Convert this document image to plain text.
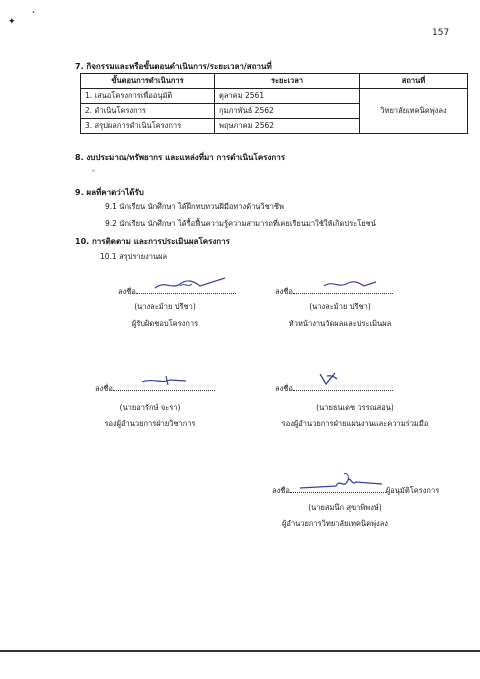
✦
•
157
7. กิจกรรมและหรือขั้นตอนดำเนินการ/ระยะเวลา/สถานที่
ขั้นตอนการดำเนินการ	ระยะเวลา	สถานที่
1. เสนอโครงการเพื่ออนุมัติ	ตุลาคม 2561	วิทยาลัยเทคนิคพุ่งลง
2. ดำเนินโครงการ	กุมภาพันธ์ 2562	
3. สรุปผลการดำเนินโครงการ	พฤษภาคม 2562	
8. งบประมาณ/ทรัพยากร และแหล่งที่มา การดำเนินโครงการ
-
9. ผลที่คาดว่าได้รับ
9.1 นักเรียน นักศึกษา ได้ฝึกทบทวนฝีมือทางด้านวิชาชีพ
9.2 นักเรียน นักศึกษา ได้รื้อฟื้นความรู้ความสามารถที่เคยเรียนมาใช้ให้เกิดประโยชน์
10. การติดตาม และการประเมินผลโครงการ
10.1 สรุปรายงานผล
ลงชื่อ
(นางละม้าย ปรีชา)
ผู้รับผิดชอบโครงการ
ลงชื่อ
(นางละม้าย ปรีชา)
หัวหน้างานวัดผลและประเมินผล
ลงชื่อ
(นายอารักษ์ จะรา)
รองผู้อำนวยการฝ่ายวิชาการ
ลงชื่อ
(นายธนเดช วรรณสอน)
รองผู้อำนวยการฝ่ายแผนงานและความร่วมมือ
ลงชื่อ	ผู้อนุมัติโครงการ
(นายสมนึก สุขาพิพงษ์)
ผู้อำนวยการวิทยาลัยเทคนิคพุ่งลง
